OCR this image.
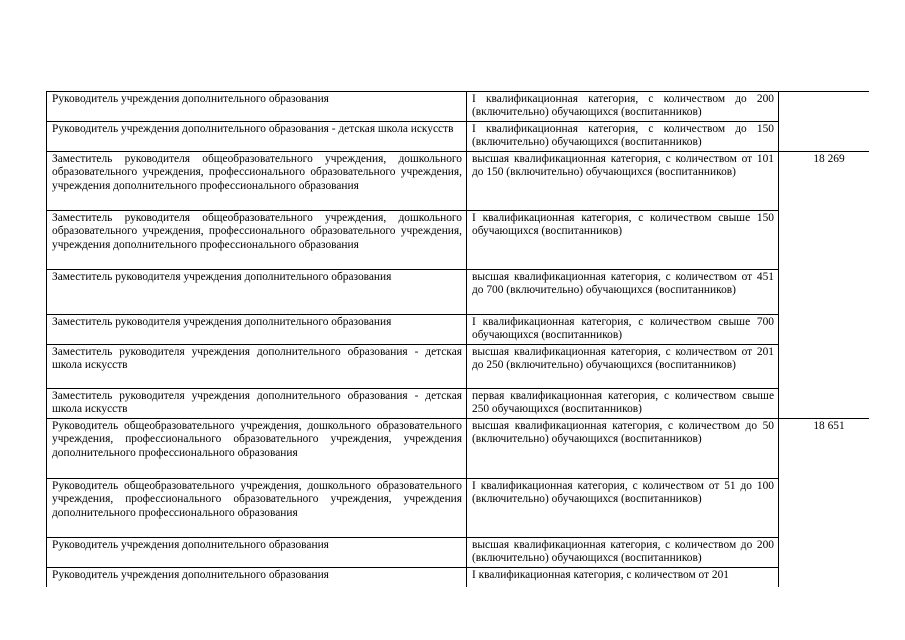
Руководитель учреждения дополнительного образования	I квалификационная категория, с количеством до 200 (включительно) обучающихся (воспитанников)	

Руководитель учреждения дополнительного образования - детская школа искусств	I квалификационная категория, с количеством до 150 (включительно) обучающихся (воспитанников)	

Заместитель руководителя общеобразовательного учреждения, дошкольного образовательного учреждения, профессионального образовательного учреждения, учреждения дополнительного профессионального образования	высшая квалификационная категория, с количеством от 101 до 150 (включительно) обучающихся (воспитанников)	18 269

Заместитель руководителя общеобразовательного учреждения, дошкольного образовательного учреждения, профессионального образовательного учреждения, учреждения дополнительного профессионального образования	I квалификационная категория, с количеством свыше 150 обучающихся (воспитанников)	

Заместитель руководителя учреждения дополнительного образования	высшая квалификационная категория, с количеством от 451 до 700 (включительно) обучающихся (воспитанников)	

Заместитель руководителя учреждения дополнительного образования	I квалификационная категория, с количеством свыше 700 обучающихся (воспитанников)	

Заместитель руководителя учреждения дополнительного образования - детская школа искусств	высшая квалификационная категория, с количеством от 201 до 250 (включительно) обучающихся (воспитанников)	

Заместитель руководителя учреждения дополнительного образования - детская школа искусств	первая квалификационная категория, с количеством свыше 250 обучающихся (воспитанников)	

Руководитель общеобразовательного учреждения, дошкольного образовательного учреждения, профессионального образовательного учреждения, учреждения дополнительного профессионального образования	высшая квалификационная категория, с количеством до 50 (включительно) обучающихся (воспитанников)	18 651

Руководитель общеобразовательного учреждения, дошкольного образовательного учреждения, профессионального образовательного учреждения, учреждения дополнительного профессионального образования	I квалификационная категория, с количеством от 51 до 100 (включительно) обучающихся (воспитанников)	

Руководитель учреждения дополнительного образования	высшая квалификационная категория, с количеством до 200 (включительно) обучающихся (воспитанников)	

Руководитель учреждения дополнительного образования	I квалификационная категория, с количеством от 201	
